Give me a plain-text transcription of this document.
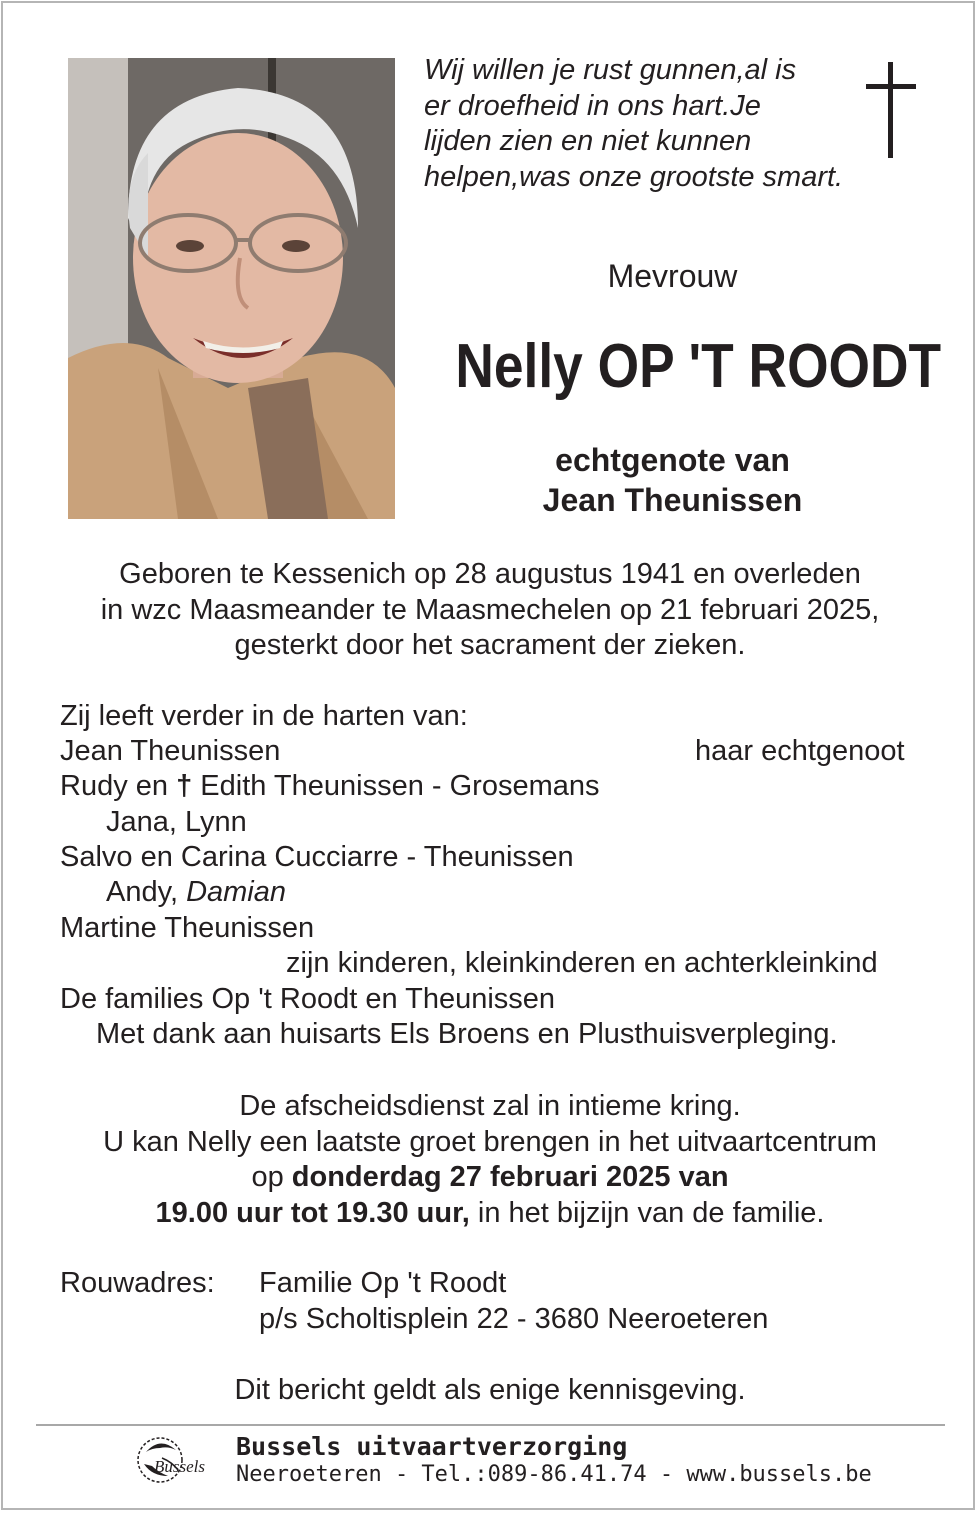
Wij willen je rust gunnen,al is
er droefheid in ons hart.Je
lijden zien en niet kunnen
helpen,was onze grootste smart.
Mevrouw
Nelly OP 'T ROODT
echtgenote van
Jean Theunissen
Geboren te Kessenich op 28 augustus 1941 en overleden
in wzc Maasmeander te Maasmechelen op 21 februari 2025,
gesterkt door het sacrament der zieken.
Zij leeft verder in de harten van:
Jean Theunissen	haar echtgenoot
Rudy en † Edith Theunissen - Grosemans
Jana, Lynn
Salvo en Carina Cucciarre - Theunissen
Andy, Damian
Martine Theunissen
zijn kinderen, kleinkinderen en achterkleinkind
De families Op 't Roodt en Theunissen
Met dank aan huisarts Els Broens en Plusthuisverpleging.
De afscheidsdienst zal in intieme kring.
U kan Nelly een laatste groet brengen in het uitvaartcentrum
op donderdag 27 februari 2025 van
19.00 uur tot 19.30 uur, in het bijzijn van de familie.
Rouwadres: Familie Op 't Roodt
p/s Scholtisplein 22 - 3680 Neeroeteren
Dit bericht geldt als enige kennisgeving.
Bussels
Bussels uitvaartverzorging
Neeroeteren - Tel.:089-86.41.74 - www.bussels.be
